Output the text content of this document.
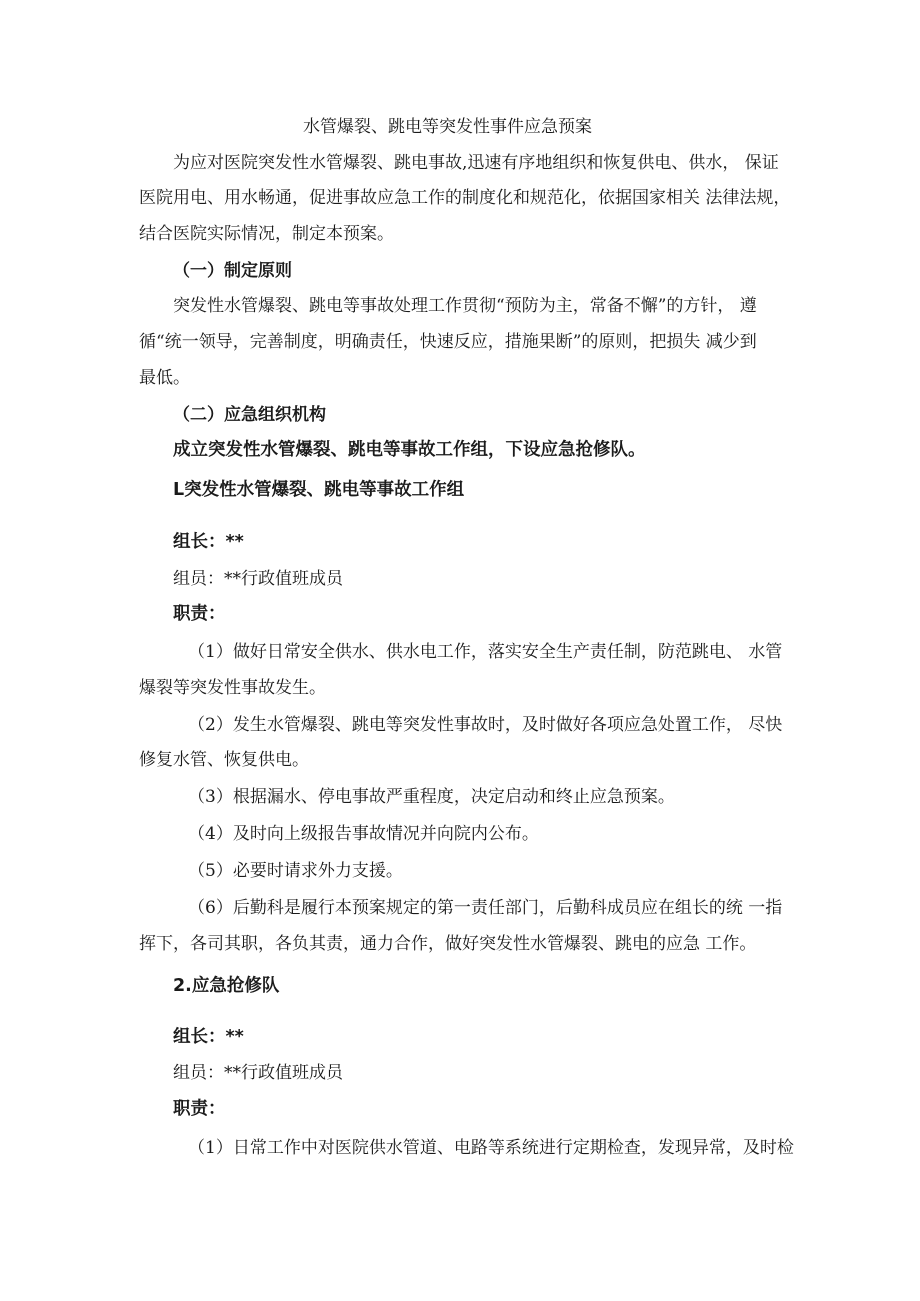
水管爆裂、跳电等突发性事件应急预案
为应对医院突发性水管爆裂、跳电事故,迅速有序地组织和恢复供电、供水， 保证
医院用电、用水畅通，促进事故应急工作的制度化和规范化，依据国家相关 法律法规，
结合医院实际情况，制定本预案。
（一）制定原则
突发性水管爆裂、跳电等事故处理工作贯彻“预防为主，常备不懈”的方针， 遵
循“统一领导，完善制度，明确责任，快速反应，措施果断”的原则，把损失 减少到
最低。
（二）应急组织机构
成立突发性水管爆裂、跳电等事故工作组，下设应急抢修队。
L突发性水管爆裂、跳电等事故工作组
组长：**
组员：**行政值班成员
职责：
（1）做好日常安全供水、供水电工作，落实安全生产责任制，防范跳电、 水管
爆裂等突发性事故发生。
（2）发生水管爆裂、跳电等突发性事故时，及时做好各项应急处置工作， 尽快
修复水管、恢复供电。
（3）根据漏水、停电事故严重程度，决定启动和终止应急预案。
（4）及时向上级报告事故情况并向院内公布。
（5）必要时请求外力支援。
（6）后勤科是履行本预案规定的第一责任部门，后勤科成员应在组长的统 一指
挥下，各司其职，各负其责，通力合作，做好突发性水管爆裂、跳电的应急 工作。
2.应急抢修队
组长：**
组员：**行政值班成员
职责：
（1）日常工作中对医院供水管道、电路等系统进行定期检查，发现异常，及时检
